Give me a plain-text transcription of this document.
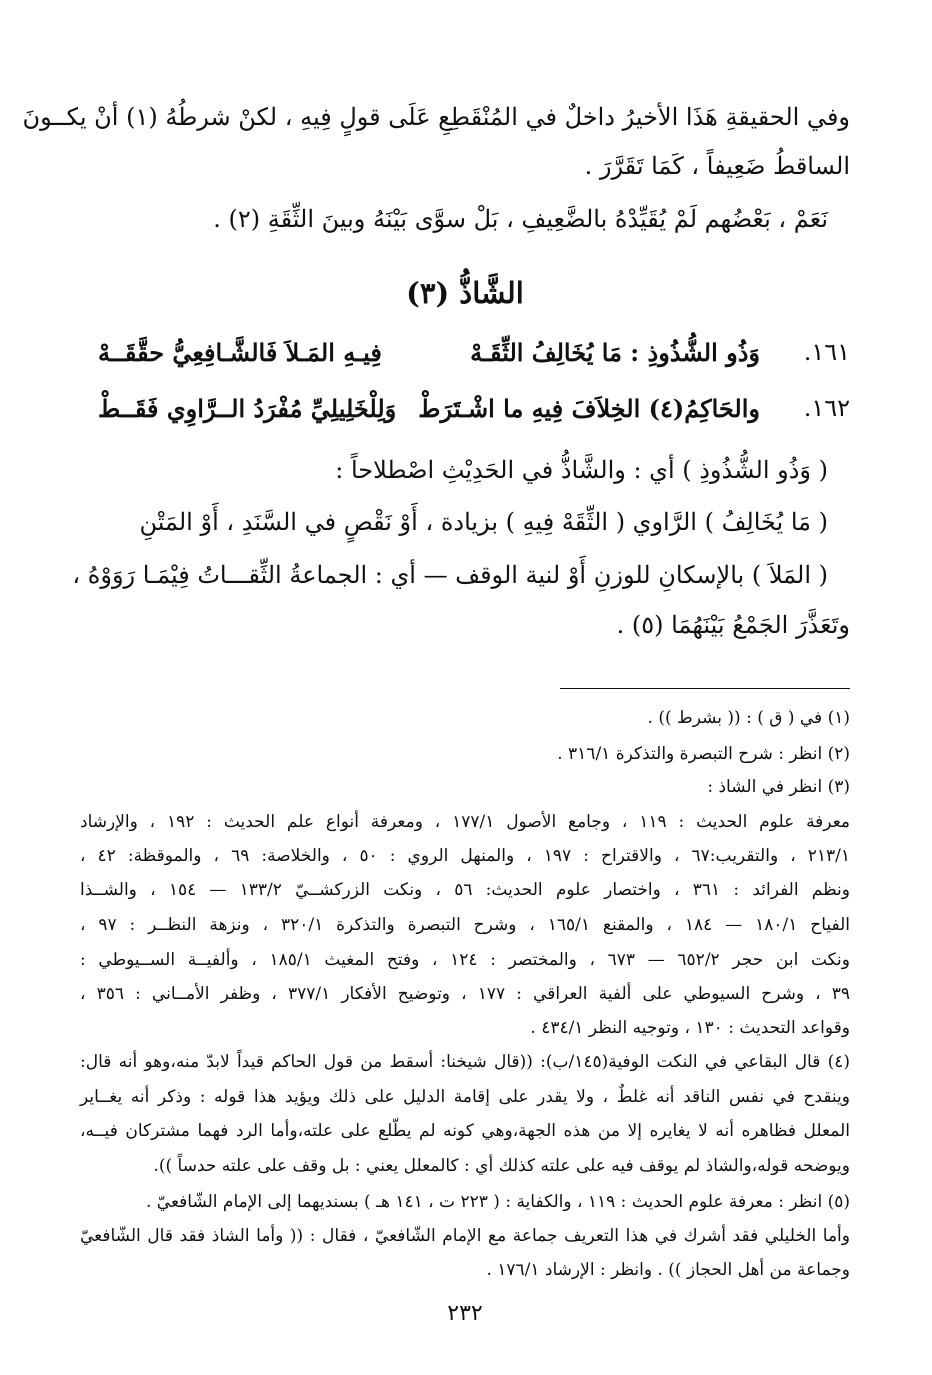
وفي الحقيقةِ هَذَا الأخيرُ داخلٌ في المُنْقَطِعِ عَلَى قولٍ فِيهِ ، لكنْ شرطُهُ (١) أنْ يكــونَ
الساقطُ ضَعِيفاً ، كَمَا تَقَرَّرَ .
نَعَمْ ، بَعْضُهم لَمْ يُقَيِّدْهُ بالضَّعِيفِ ، بَلْ سوَّى بَيْنَهُ وبينَ الثِّقَةِ (٢) .
الشَّاذُّ (٣)
١٦١.
وَذُو الشُّذُوذِ : مَا يُخَالِفُ الثِّقَـهْ
فِيـهِ المَـلاَ فَالشَّـافِعِيُّ حقَّقَــهْ
١٦٢.
والحَاكِمُ(٤) الخِلاَفَ فِيهِ ما اشْـتَرَطْ
وَلِلْخَلِيلِيِّ مُفْرَدُ الــرَّاوِي فَقَــطْ
( وَذُو الشُّذُوذِ ) أي : والشَّاذُّ في الحَدِيْثِ اصْطلاحاً :
( مَا يُخَالِفُ ) الرَّاوي ( الثِّقَهْ فِيهِ ) بزيادة ، أَوْ نَقْصٍ في السَّنَدِ ، أَوْ المَتْنِ
( المَلاَ ) بالإسكانِ للوزنِ أَوْ لنية الوقف — أي : الجماعةُ الثِّقـــاتُ فِيْمَـا رَوَوْهُ ،
وتَعَذَّرَ الجَمْعُ بَيْنَهُمَا (٥) .
(١) في ( ق ) : (( بشرط )) .
(٢) انظر : شرح التبصرة والتذكرة ٣١٦/١ .
(٣) انظر في الشاذ :
معرفة علوم الحديث : ١١٩ ، وجامع الأصول ١٧٧/١ ، ومعرفة أنواع علم الحديث : ١٩٢ ، والإرشاد
٢١٣/١ ، والتقريب:٦٧ ، والاقتراح : ١٩٧ ، والمنهل الروي : ٥٠ ، والخلاصة: ٦٩ ، والموقظة: ٤٢ ،
ونظم الفرائد : ٣٦١ ، واختصار علوم الحديث: ٥٦ ، ونكت الزركشــيّ ١٣٣/٢ — ١٥٤ ، والشــذا
الفياح ١٨٠/١ — ١٨٤ ، والمقنع ١٦٥/١ ، وشرح التبصرة والتذكرة ٣٢٠/١ ، ونزهة النظــر : ٩٧ ،
ونكت ابن حجر ٦٥٢/٢ — ٦٧٣ ، والمختصر : ١٢٤ ، وفتح المغيث ١٨٥/١ ، وألفيــة الســيوطي :
٣٩ ، وشرح السيوطي على ألفية العراقي : ١٧٧ ، وتوضيح الأفكار ٣٧٧/١ ، وظفر الأمــاني : ٣٥٦ ،
وقواعد التحديث : ١٣٠ ، وتوجيه النظر ٤٣٤/١ .
(٤) قال البقاعي في النكت الوفية(١٤٥/ب): ((قال شيخنا: أسقط من قول الحاكم قيداً لابدّ منه،وهو أنه قال:
وينقدح في نفس الناقد أنه غلطٌ ، ولا يقدر على إقامة الدليل على ذلك ويؤيد هذا قوله : وذكر أنه يغــاير
المعلل فظاهره أنه لا يغايره إلا من هذه الجهة،وهي كونه لم يطّلع على علته،وأما الرد فهما مشتركان فيــه،
ويوضحه قوله،والشاذ لم يوقف فيه على علته كذلك أي : كالمعلل يعني : بل وقف على علته حدساً )).
(٥) انظر : معرفة علوم الحديث : ١١٩ ، والكفاية : ( ٢٢٣ ت ، ١٤١ هـ ) بسنديهما إلى الإمام الشّافعيّ .
وأما الخليلي فقد أشرك في هذا التعريف جماعة مع الإمام الشّافعيّ ، فقال : (( وأما الشاذ فقد قال الشّافعيّ
وجماعة من أهل الحجاز )) . وانظر : الإرشاد ١٧٦/١ .
٢٣٢
